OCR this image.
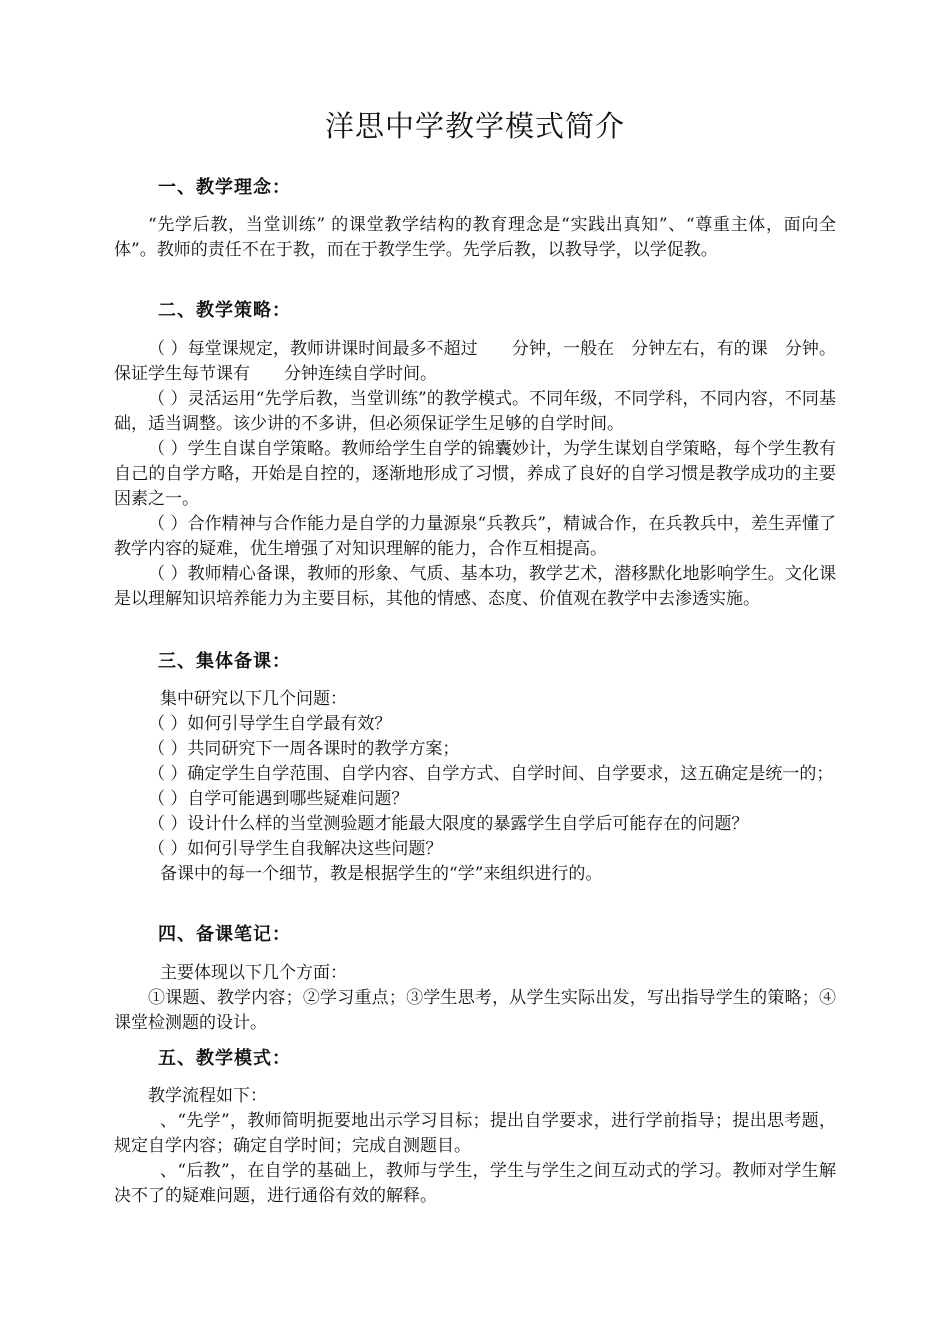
洋思中学教学模式简介
一、教学理念：

“先学后教，当堂训练” 的课堂教学结构的教育理念是“实践出真知”、“尊重主体，面向全体”。教师的责任不在于教，而在于教学生学。先学后教，以教导学，以学促教。

二、教学策略：

（ ）每堂课规定，教师讲课时间最多不超过　　分钟，一般在　分钟左右，有的课　分钟。保证学生每节课有　　分钟连续自学时间。

（ ）灵活运用“先学后教，当堂训练”的教学模式。不同年级，不同学科，不同内容，不同基础，适当调整。该少讲的不多讲，但必须保证学生足够的自学时间。

（ ）学生自谋自学策略。教师给学生自学的锦囊妙计，为学生谋划自学策略，每个学生教有自己的自学方略，开始是自控的，逐渐地形成了习惯，养成了良好的自学习惯是教学成功的主要因素之一。

（ ）合作精神与合作能力是自学的力量源泉“兵教兵”，精诚合作，在兵教兵中，差生弄懂了教学内容的疑难，优生增强了对知识理解的能力，合作互相提高。

（ ）教师精心备课，教师的形象、气质、基本功，教学艺术，潜移默化地影响学生。文化课是以理解知识培养能力为主要目标，其他的情感、态度、价值观在教学中去渗透实施。

三、集体备课：

集中研究以下几个问题：

（ ）如何引导学生自学最有效？

（ ）共同研究下一周各课时的教学方案；

（ ）确定学生自学范围、自学内容、自学方式、自学时间、自学要求，这五确定是统一的；

（ ）自学可能遇到哪些疑难问题？

（ ）设计什么样的当堂测验题才能最大限度的暴露学生自学后可能存在的问题？

（ ）如何引导学生自我解决这些问题？

备课中的每一个细节，教是根据学生的“学”来组织进行的。

四、备课笔记：

主要体现以下几个方面：

①课题、教学内容；②学习重点；③学生思考，从学生实际出发，写出指导学生的策略；④课堂检测题的设计。

五、教学模式：

教学流程如下：

、“先学”，教师简明扼要地出示学习目标；提出自学要求，进行学前指导；提出思考题，规定自学内容；确定自学时间；完成自测题目。

、“后教”，在自学的基础上，教师与学生，学生与学生之间互动式的学习。教师对学生解决不了的疑难问题，进行通俗有效的解释。
